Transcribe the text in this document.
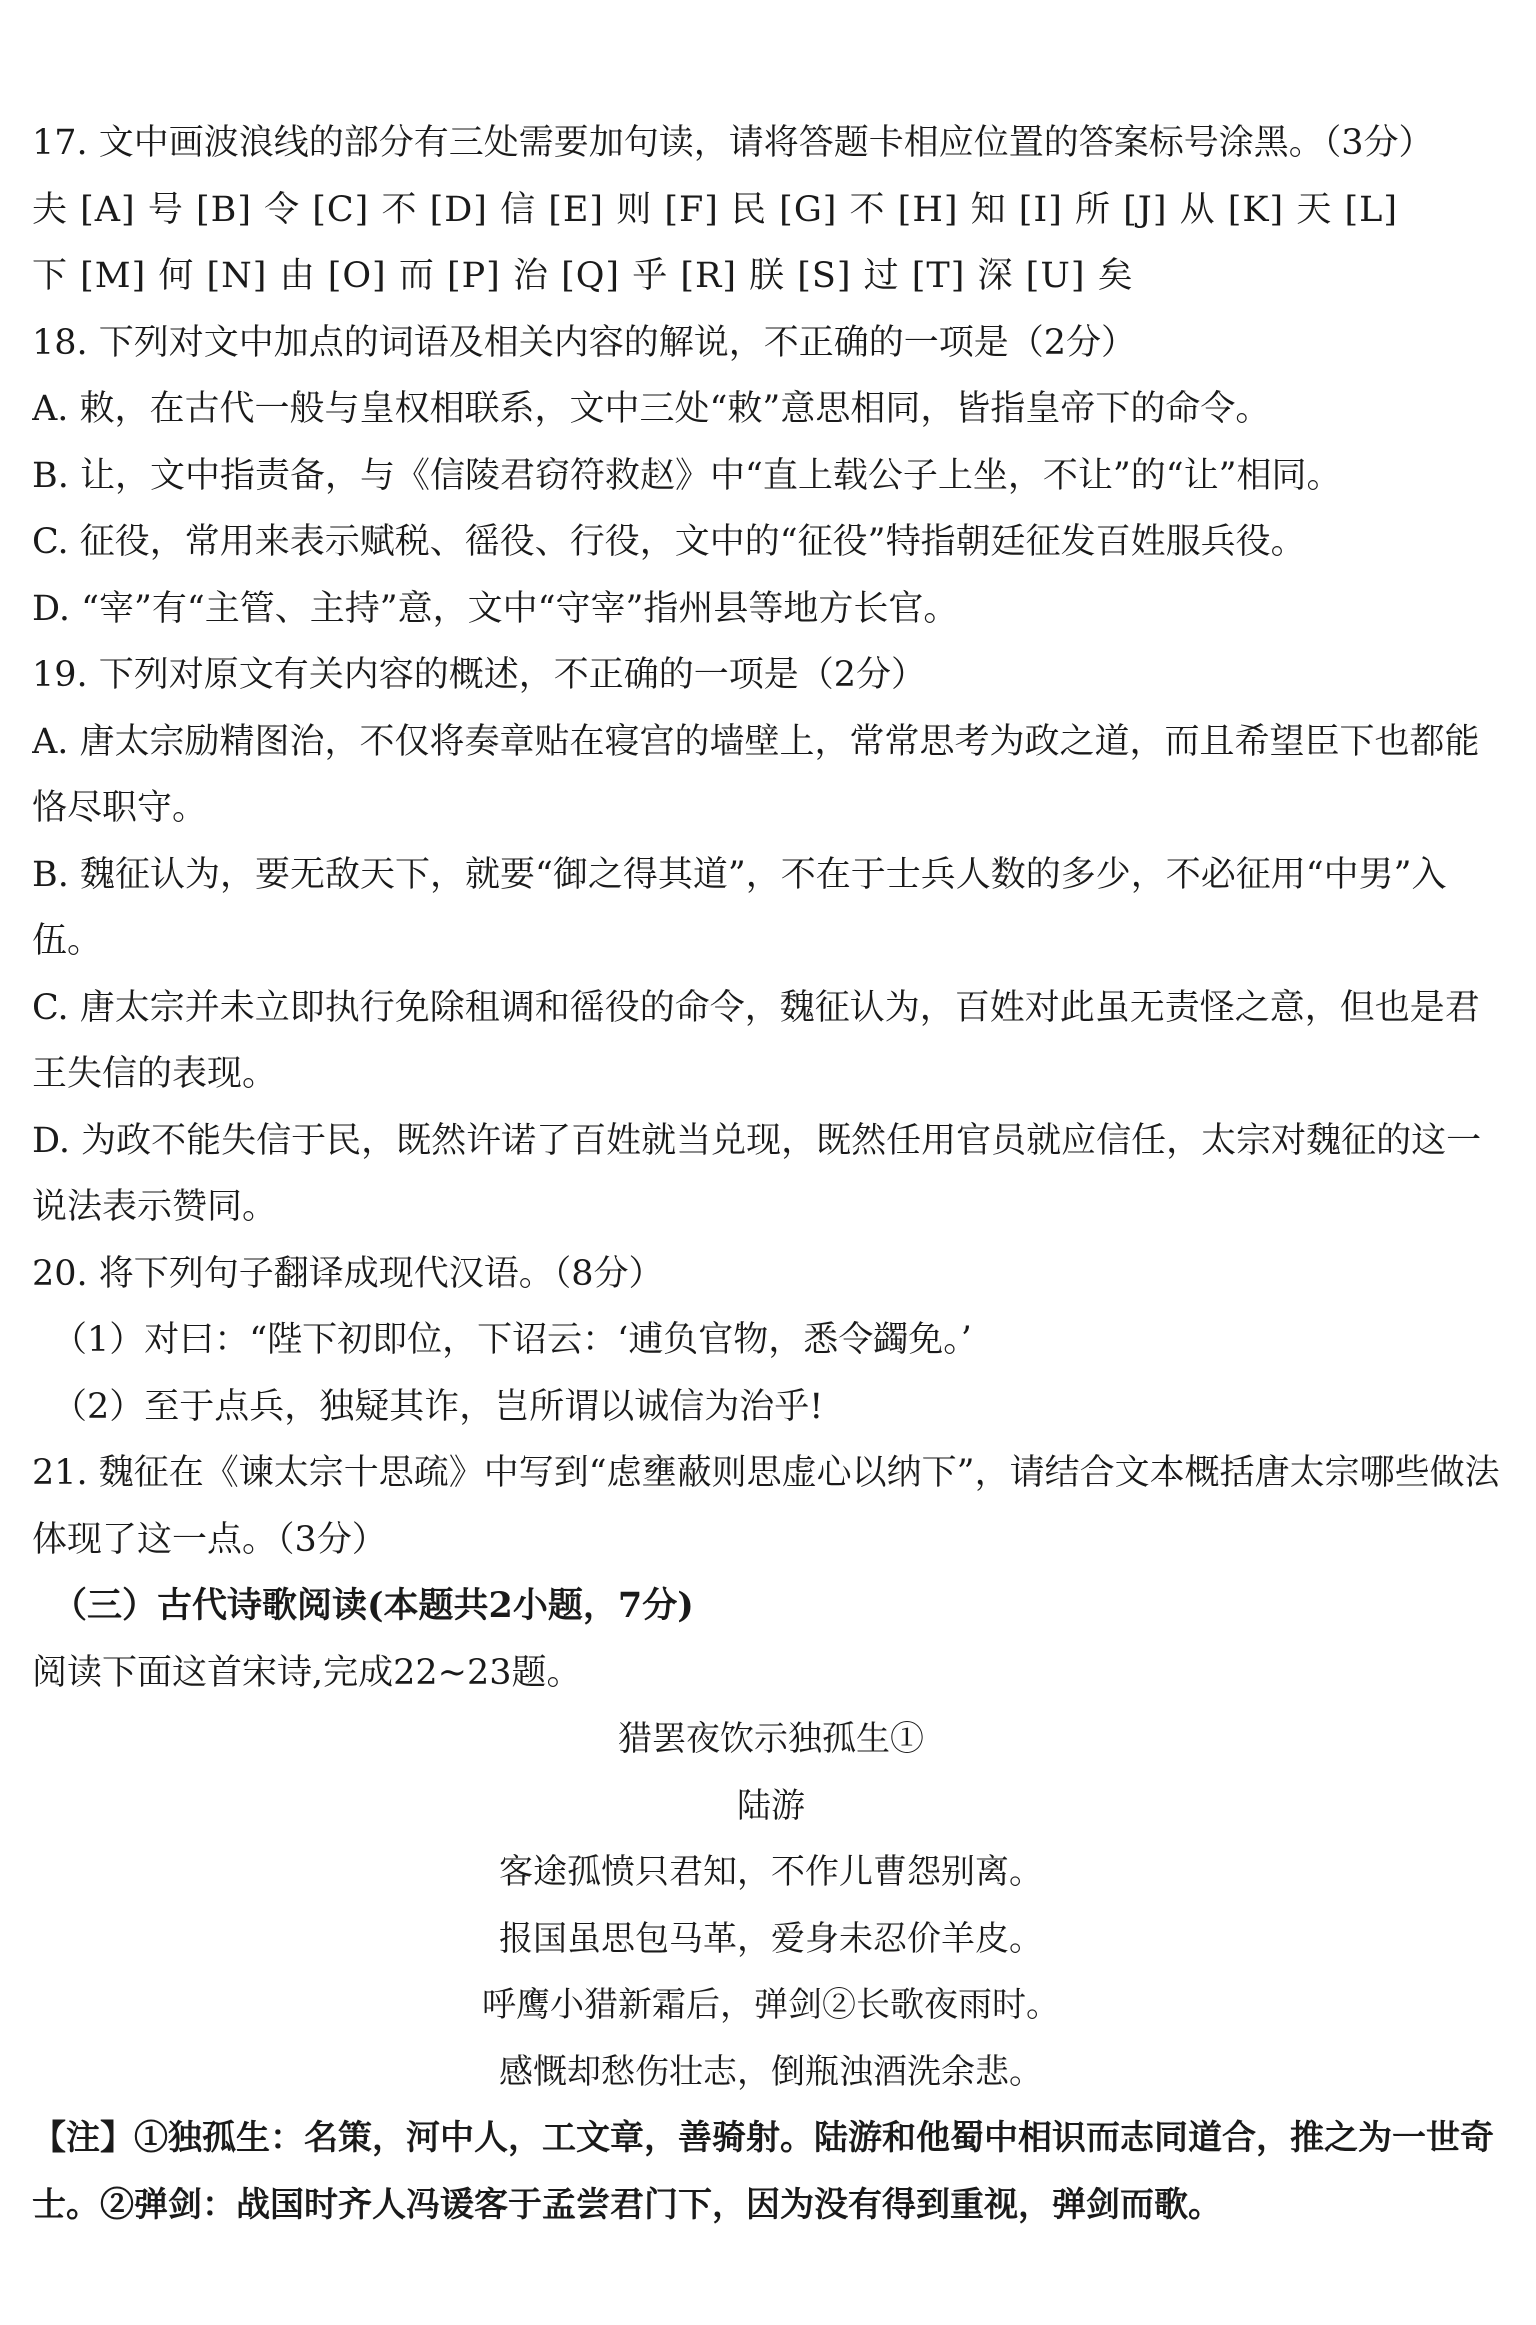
17. 文中画波浪线的部分有三处需要加句读，请将答题卡相应位置的答案标号涂黑。（3分）
夫 [A] 号 [B] 令 [C] 不 [D] 信 [E] 则 [F] 民 [G] 不 [H] 知 [I] 所 [J] 从 [K] 天 [L]
下 [M] 何 [N] 由 [O] 而 [P] 治 [Q] 乎 [R] 朕 [S] 过 [T] 深 [U] 矣
18. 下列对文中加点的词语及相关内容的解说，不正确的一项是（2分）
A. 敕，在古代一般与皇权相联系，文中三处“敕”意思相同，皆指皇帝下的命令。
B. 让，文中指责备，与《信陵君窃符救赵》中“直上载公子上坐，不让”的“让”相同。
C. 征役，常用来表示赋税、徭役、行役，文中的“征役”特指朝廷征发百姓服兵役。
D. “宰”有“主管、主持”意，文中“守宰”指州县等地方长官。
19. 下列对原文有关内容的概述，不正确的一项是（2分）
A. 唐太宗励精图治，不仅将奏章贴在寝宫的墙壁上，常常思考为政之道，而且希望臣下也都能恪尽职守。
B. 魏征认为，要无敌天下，就要“御之得其道”，不在于士兵人数的多少，不必征用“中男”入伍。
C. 唐太宗并未立即执行免除租调和徭役的命令，魏征认为，百姓对此虽无责怪之意，但也是君王失信的表现。
D. 为政不能失信于民，既然许诺了百姓就当兑现，既然任用官员就应信任，太宗对魏征的这一说法表示赞同。
20. 将下列句子翻译成现代汉语。（8分）
（1）对曰：“陛下初即位，下诏云：‘逋负官物，悉令蠲免。’
（2）至于点兵，独疑其诈，岂所谓以诚信为治乎!
21. 魏征在《谏太宗十思疏》中写到“虑壅蔽则思虚心以纳下”，请结合文本概括唐太宗哪些做法体现了这一点。（3分）
（三）古代诗歌阅读(本题共2小题，7分)
阅读下面这首宋诗,完成22~23题。
猎罢夜饮示独孤生①
陆游
客途孤愤只君知，不作儿曹怨别离。
报国虽思包马革，爱身未忍价羊皮。
呼鹰小猎新霜后，弹剑②长歌夜雨时。
感慨却愁伤壮志，倒瓶浊酒洗余悲。
【注】①独孤生：名策，河中人，工文章，善骑射。陆游和他蜀中相识而志同道合，推之为一世奇士。②弹剑：战国时齐人冯谖客于孟尝君门下，因为没有得到重视，弹剑而歌。
